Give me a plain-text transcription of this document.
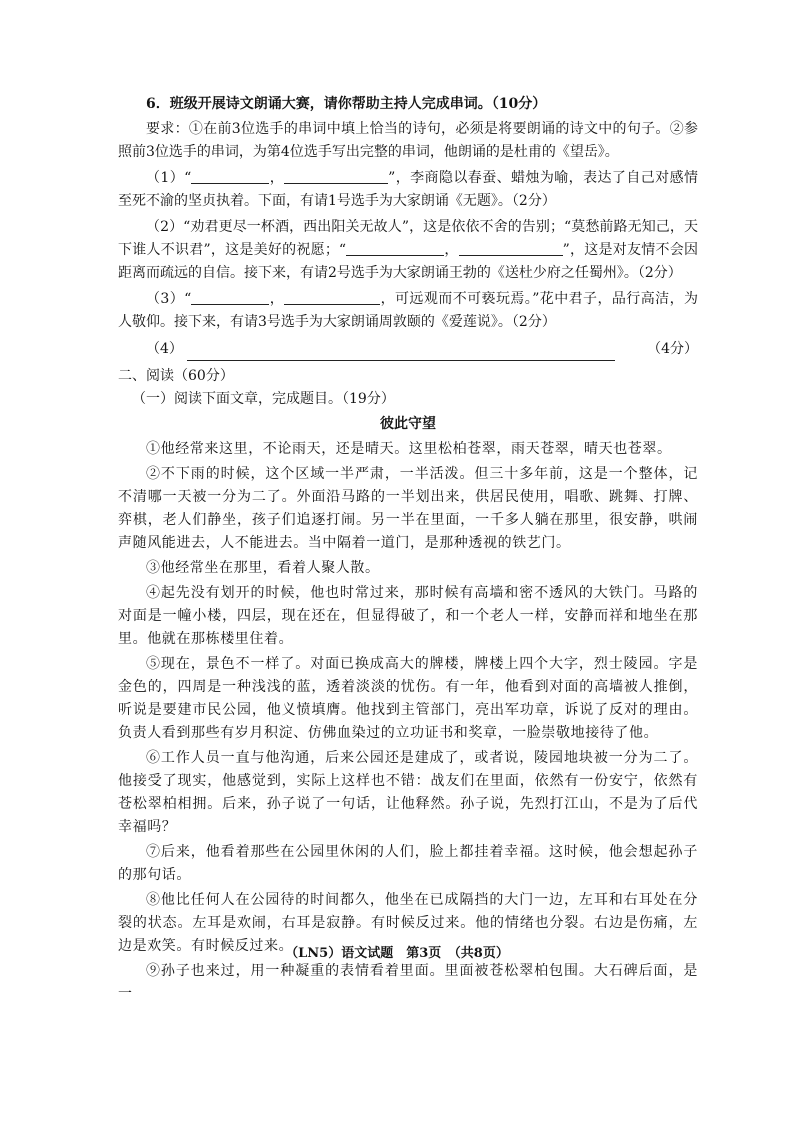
6．班级开展诗文朗诵大赛，请你帮助主持人完成串词。（10分）

要求：①在前3位选手的串词中填上恰当的诗句，必须是将要朗诵的诗文中的句子。②参照前3位选手的串词，为第4位选手写出完整的串词，他朗诵的是杜甫的《望岳》。

（1）“	，	”，李商隐以春蚕、蜡烛为喻，表达了自己对感情至死不渝的坚贞执着。下面，有请1号选手为大家朗诵《无题》。（2分）

（2）“劝君更尽一杯酒，西出阳关无故人”，这是依依不舍的告别；“莫愁前路无知己，天下谁人不识君”，这是美好的祝愿；“	，	”，这是对友情不会因距离而疏远的自信。接下来，有请2号选手为大家朗诵王勃的《送杜少府之任蜀州》。（2分）

（3）“	，	，可远观而不可亵玩焉。”花中君子，品行高洁，为人敬仰。接下来，有请3号选手为大家朗诵周敦颐的《爱莲说》。（2分）

（4）	（4分）

二、阅读（60分）

（一）阅读下面文章，完成题目。（19分）

彼此守望

①他经常来这里，不论雨天，还是晴天。这里松柏苍翠，雨天苍翠，晴天也苍翠。

②不下雨的时候，这个区域一半严肃，一半活泼。但三十多年前，这是一个整体，记不清哪一天被一分为二了。外面沿马路的一半划出来，供居民使用，唱歌、跳舞、打牌、弈棋，老人们静坐，孩子们追逐打闹。另一半在里面，一千多人躺在那里，很安静，哄闹声随风能进去，人不能进去。当中隔着一道门，是那种透视的铁艺门。

③他经常坐在那里，看着人聚人散。

④起先没有划开的时候，他也时常过来，那时候有高墙和密不透风的大铁门。马路的对面是一幢小楼，四层，现在还在，但显得破了，和一个老人一样，安静而祥和地坐在那里。他就在那栋楼里住着。

⑤现在，景色不一样了。对面已换成高大的牌楼，牌楼上四个大字，烈士陵园。字是金色的，四周是一种浅浅的蓝，透着淡淡的忧伤。有一年，他看到对面的高墙被人推倒，听说是要建市民公园，他义愤填膺。他找到主管部门，亮出军功章，诉说了反对的理由。负责人看到那些有岁月积淀、仿佛血染过的立功证书和奖章，一脸崇敬地接待了他。

⑥工作人员一直与他沟通，后来公园还是建成了，或者说，陵园地块被一分为二了。他接受了现实，他感觉到，实际上这样也不错：战友们在里面，依然有一份安宁，依然有苍松翠柏相拥。后来，孙子说了一句话，让他释然。孙子说，先烈打江山，不是为了后代幸福吗？

⑦后来，他看着那些在公园里休闲的人们，脸上都挂着幸福。这时候，他会想起孙子的那句话。

⑧他比任何人在公园待的时间都久，他坐在已成隔挡的大门一边，左耳和右耳处在分裂的状态。左耳是欢闹，右耳是寂静。有时候反过来。他的情绪也分裂。右边是伤痛，左边是欢笑。有时候反过来。

⑨孙子也来过，用一种凝重的表情看着里面。里面被苍松翠柏包围。大石碑后面，是一

（LN5）语文试题　第3页　（共8页）
